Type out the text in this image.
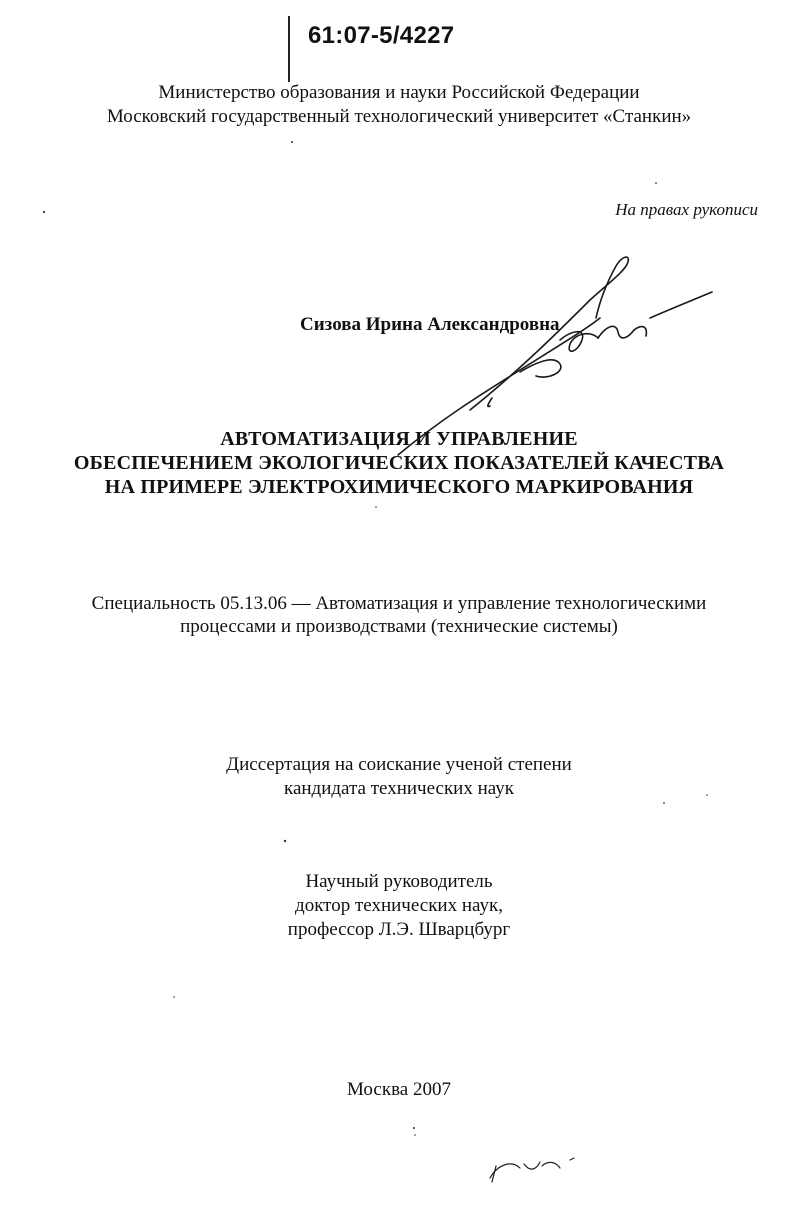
61:07-5/4227
Министерство образования и науки Российской Федерации
Московский государственный технологический университет «Станкин»
На правах рукописи
Сизова Ирина Александровна
АВТОМАТИЗАЦИЯ И УПРАВЛЕНИЕ
ОБЕСПЕЧЕНИЕМ ЭКОЛОГИЧЕСКИХ ПОКАЗАТЕЛЕЙ КАЧЕСТВА
НА ПРИМЕРЕ ЭЛЕКТРОХИМИЧЕСКОГО МАРКИРОВАНИЯ
Специальность 05.13.06 — Автоматизация и управление технологическими
процессами и производствами (технические системы)
Диссертация на соискание ученой степени
кандидата технических наук
Научный руководитель
доктор технических наук,
профессор Л.Э. Шварцбург
Москва 2007
